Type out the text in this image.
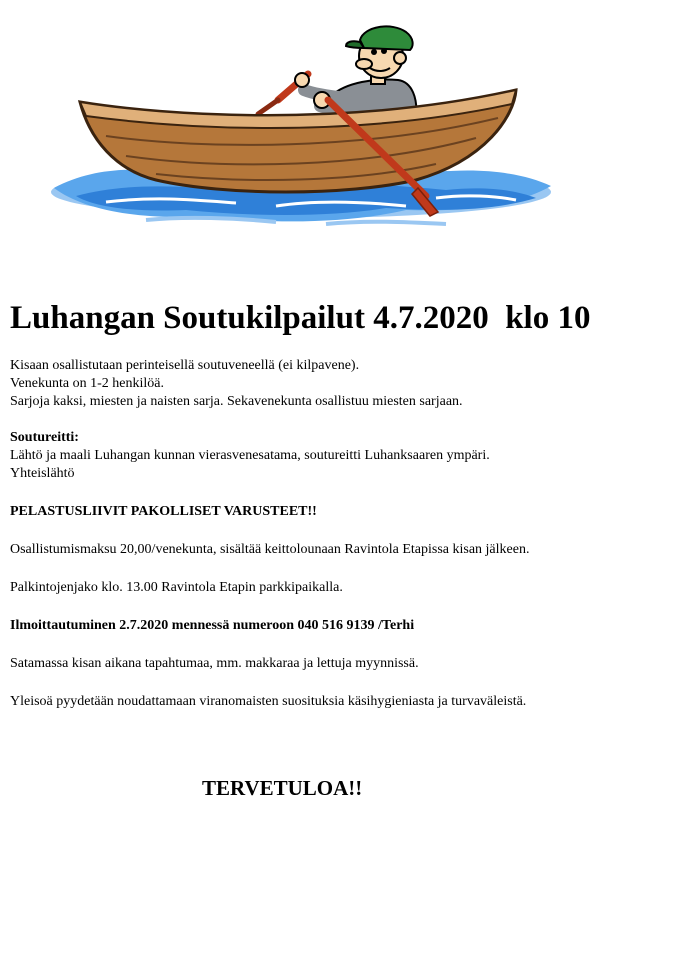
Luhangan Soutukilpailut 4.7.2020  klo 10
Kisaan osallistutaan perinteisellä soutuveneellä (ei kilpavene).
Venekunta on 1-2 henkilöä.
Sarjoja kaksi, miesten ja naisten sarja. Sekavenekunta osallistuu miesten sarjaan.
Soutureitti:
Lähtö ja maali Luhangan kunnan vierasvenesatama, soutureitti Luhanksaaren ympäri.
Yhteislähtö
PELASTUSLIIVIT PAKOLLISET VARUSTEET!!
Osallistumismaksu 20,00/venekunta, sisältää keittolounaan Ravintola Etapissa kisan jälkeen.
Palkintojenjako klo. 13.00 Ravintola Etapin parkkipaikalla.
Ilmoittautuminen 2.7.2020 mennessä numeroon 040 516 9139 /Terhi
Satamassa kisan aikana tapahtumaa, mm. makkaraa ja lettuja myynnissä.
Yleisoä pyydetään noudattamaan viranomaisten suosituksia käsihygieniasta ja turvaväleistä.
TERVETULOA!!
